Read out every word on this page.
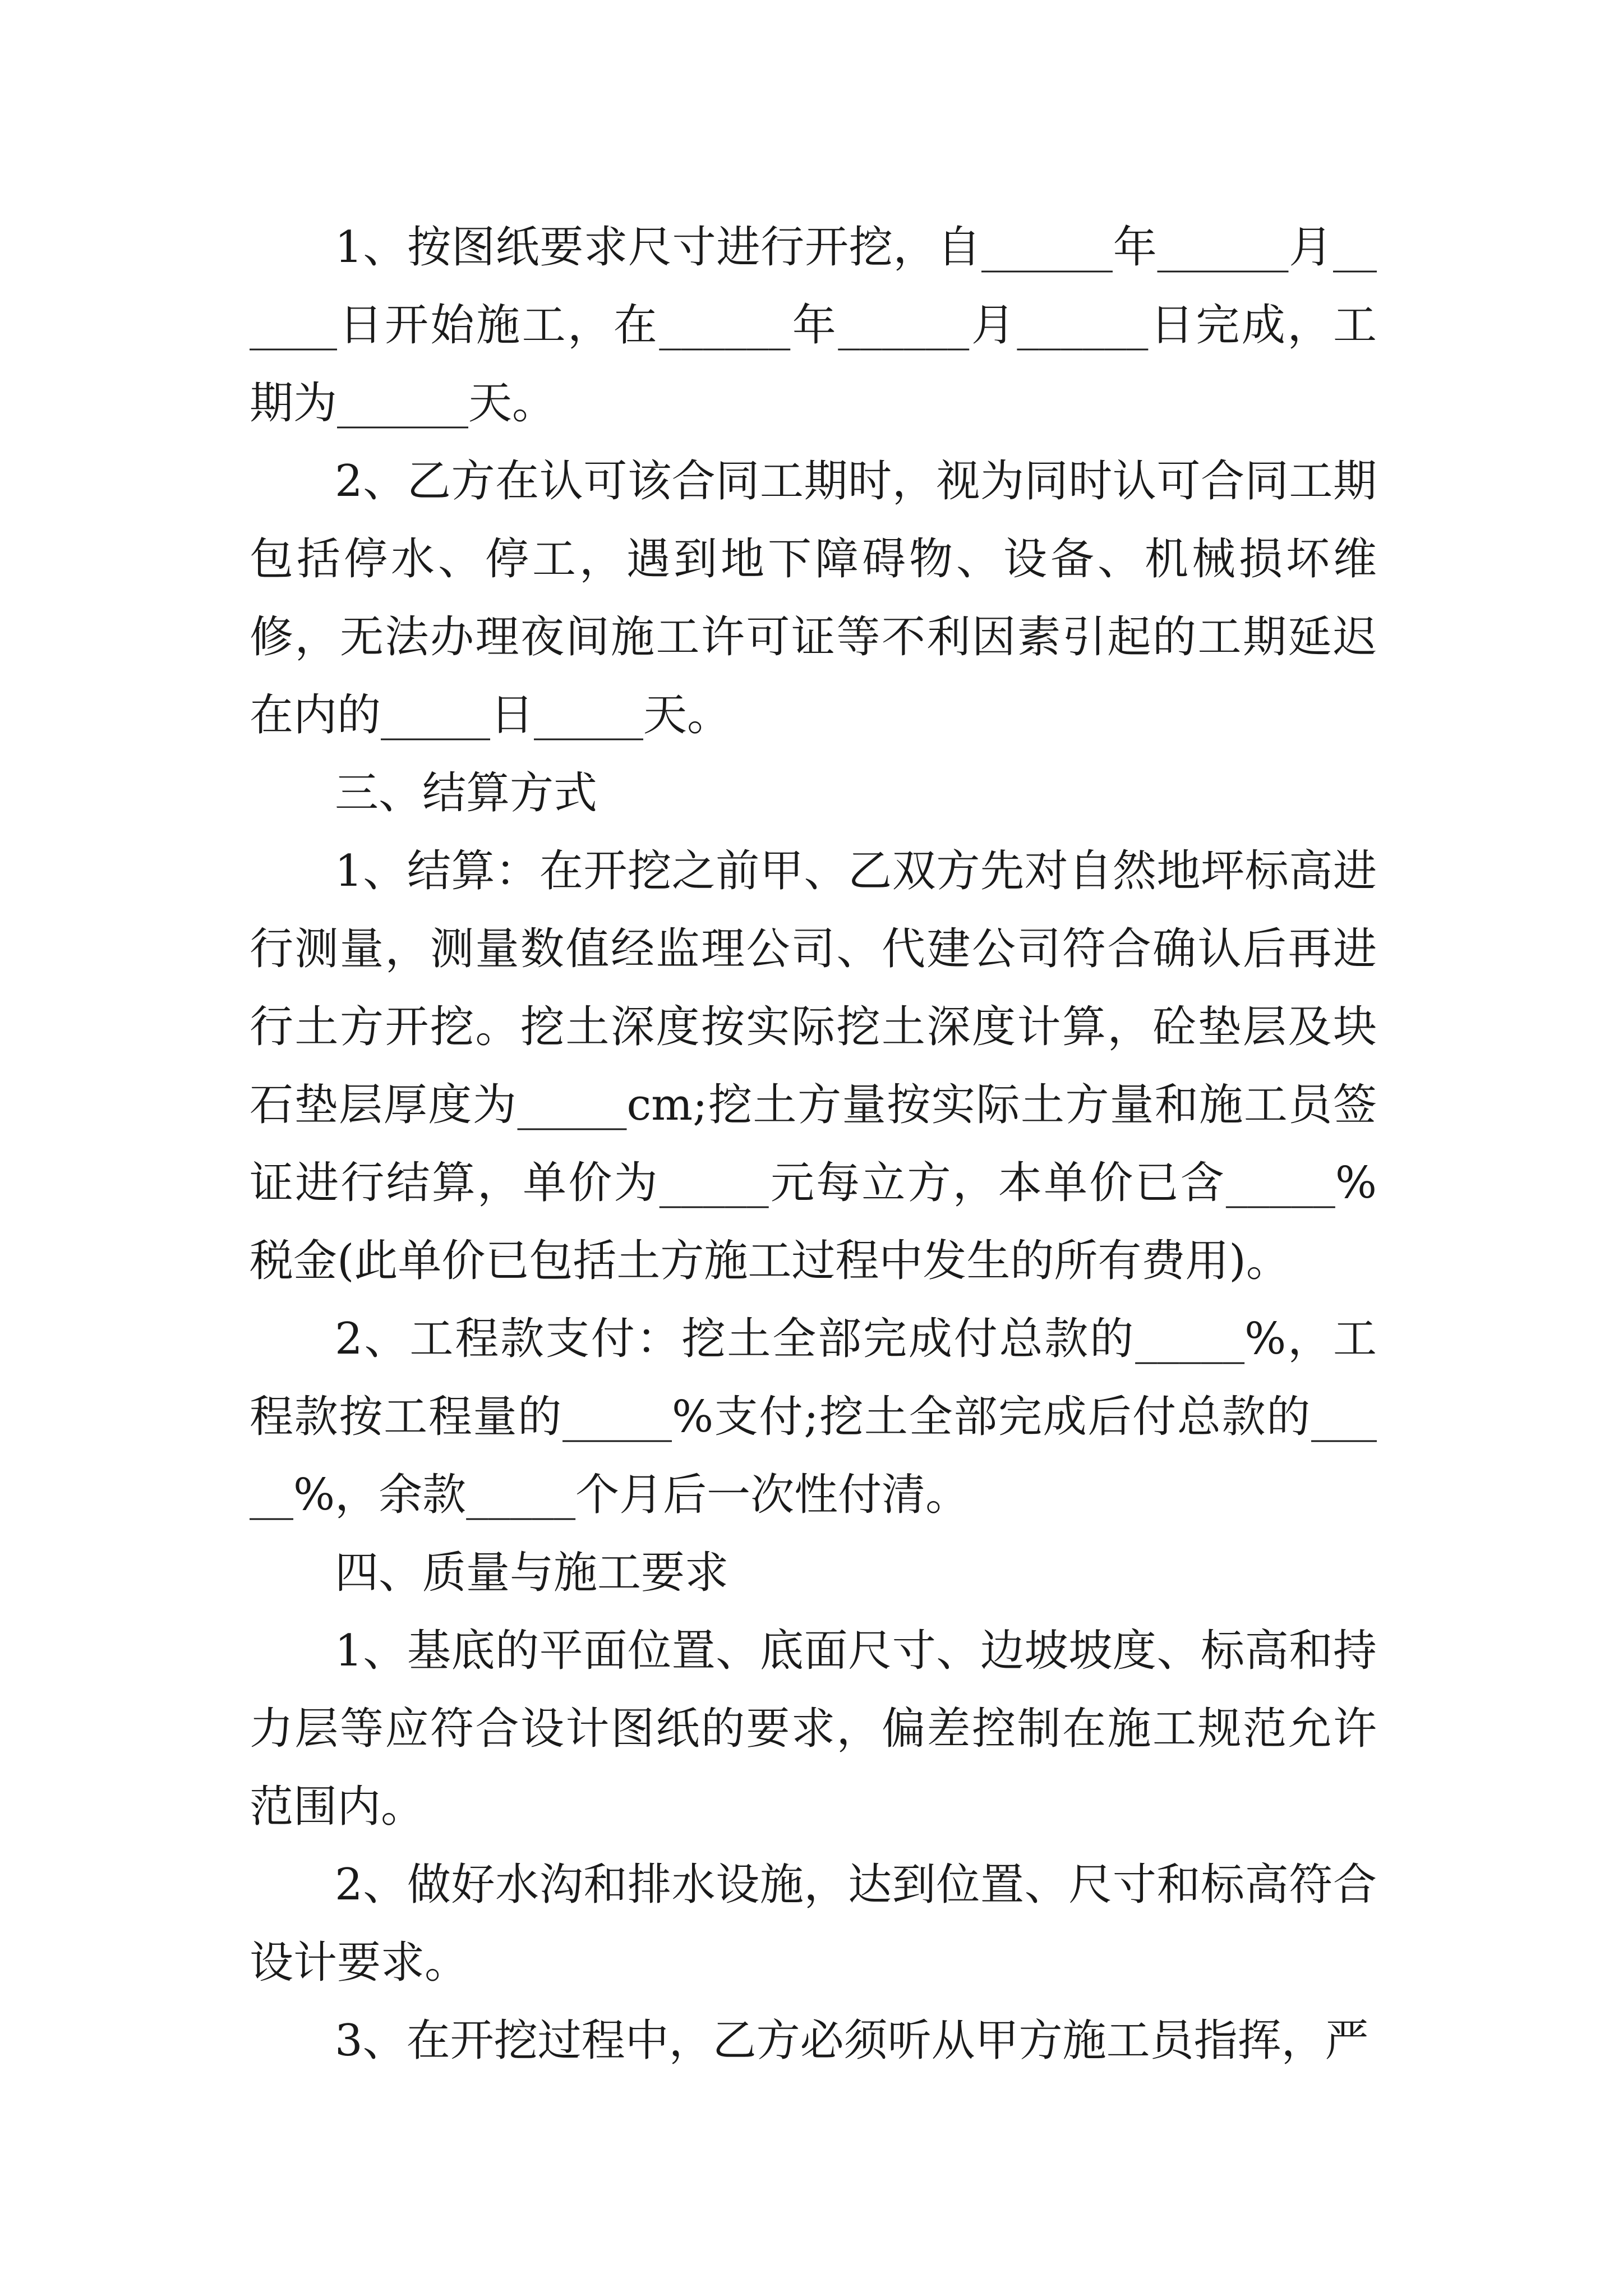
1、按图纸要求尺寸进行开挖，自______年______月______日开始施工，在______年______月______日完成，工期为______天。

2、乙方在认可该合同工期时，视为同时认可合同工期包括停水、停工，遇到地下障碍物、设备、机械损坏维修，无法办理夜间施工许可证等不利因素引起的工期延迟在内的_____日_____天。

三、结算方式

1、结算：在开挖之前甲、乙双方先对自然地坪标高进行测量，测量数值经监理公司、代建公司符合确认后再进行土方开挖。挖土深度按实际挖土深度计算，砼垫层及块石垫层厚度为_____cm;挖土方量按实际土方量和施工员签证进行结算，单价为_____元每立方，本单价已含_____%税金(此单价已包括土方施工过程中发生的所有费用)。

2、工程款支付：挖土全部完成付总款的_____%，工程款按工程量的_____%支付;挖土全部完成后付总款的_____%，余款_____个月后一次性付清。

四、质量与施工要求

1、基底的平面位置、底面尺寸、边坡坡度、标高和持力层等应符合设计图纸的要求，偏差控制在施工规范允许范围内。

2、做好水沟和排水设施，达到位置、尺寸和标高符合设计要求。

3、在开挖过程中，乙方必须听从甲方施工员指挥，严
